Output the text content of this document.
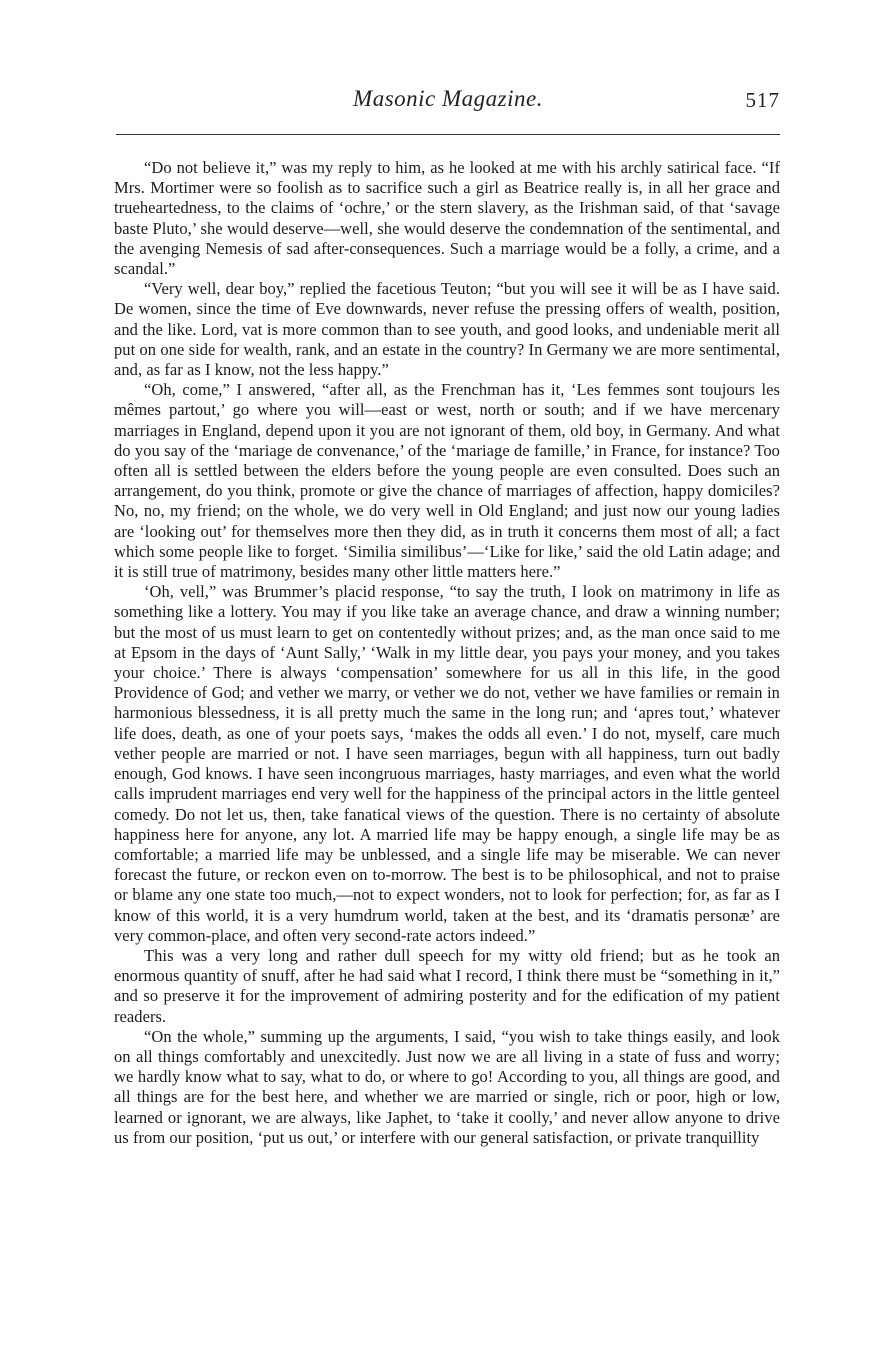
Masonic Magazine.	517

“Do not believe it,” was my reply to him, as he looked at me with his archly satirical face. “If Mrs. Mortimer were so foolish as to sacrifice such a girl as Beatrice really is, in all her grace and trueheartedness, to the claims of ‘ochre,’ or the stern slavery, as the Irishman said, of that ‘savage baste Pluto,’ she would deserve—well, she would deserve the condemnation of the sentimental, and the avenging Nemesis of sad after-consequences. Such a marriage would be a folly, a crime, and a scandal.”

“Very well, dear boy,” replied the facetious Teuton; “but you will see it will be as I have said. De women, since the time of Eve downwards, never refuse the pressing offers of wealth, position, and the like. Lord, vat is more common than to see youth, and good looks, and undeniable merit all put on one side for wealth, rank, and an estate in the country? In Germany we are more sentimental, and, as far as I know, not the less happy.”

“Oh, come,” I answered, “after all, as the Frenchman has it, ‘Les femmes sont toujours les mêmes partout,’ go where you will—east or west, north or south; and if we have mercenary marriages in England, depend upon it you are not ignorant of them, old boy, in Germany. And what do you say of the ‘mariage de convenance,’ of the ‘mariage de famille,’ in France, for instance? Too often all is settled between the elders before the young people are even consulted. Does such an arrangement, do you think, promote or give the chance of marriages of affection, happy domiciles? No, no, my friend; on the whole, we do very well in Old England; and just now our young ladies are ‘looking out’ for themselves more then they did, as in truth it concerns them most of all; a fact which some people like to forget. ‘Similia similibus’—‘Like for like,’ said the old Latin adage; and it is still true of matrimony, besides many other little matters here.”

‘Oh, vell,” was Brummer’s placid response, “to say the truth, I look on matrimony in life as something like a lottery. You may if you like take an average chance, and draw a winning number; but the most of us must learn to get on contentedly without prizes; and, as the man once said to me at Epsom in the days of ‘Aunt Sally,’ ‘Walk in my little dear, you pays your money, and you takes your choice.’ There is always ‘compensation’ somewhere for us all in this life, in the good Providence of God; and vether we marry, or vether we do not, vether we have families or remain in harmonious blessedness, it is all pretty much the same in the long run; and ‘apres tout,’ whatever life does, death, as one of your poets says, ‘makes the odds all even.’ I do not, myself, care much vether people are married or not. I have seen marriages, begun with all happiness, turn out badly enough, God knows. I have seen incongruous marriages, hasty marriages, and even what the world calls imprudent marriages end very well for the happiness of the principal actors in the little genteel comedy. Do not let us, then, take fanatical views of the question. There is no certainty of absolute happiness here for anyone, any lot. A married life may be happy enough, a single life may be as comfortable; a married life may be unblessed, and a single life may be miserable. We can never forecast the future, or reckon even on to-morrow. The best is to be philosophical, and not to praise or blame any one state too much,—not to expect wonders, not to look for perfection; for, as far as I know of this world, it is a very humdrum world, taken at the best, and its ‘dramatis personæ’ are very common-place, and often very second-rate actors indeed.”

This was a very long and rather dull speech for my witty old friend; but as he took an enormous quantity of snuff, after he had said what I record, I think there must be “something in it,” and so preserve it for the improvement of admiring posterity and for the edification of my patient readers.

“On the whole,” summing up the arguments, I said, “you wish to take things easily, and look on all things comfortably and unexcitedly. Just now we are all living in a state of fuss and worry; we hardly know what to say, what to do, or where to go! According to you, all things are good, and all things are for the best here, and whether we are married or single, rich or poor, high or low, learned or ignorant, we are always, like Japhet, to ‘take it coolly,’ and never allow anyone to drive us from our position, ‘put us out,’ or interfere with our general satisfaction, or private tranquillity
